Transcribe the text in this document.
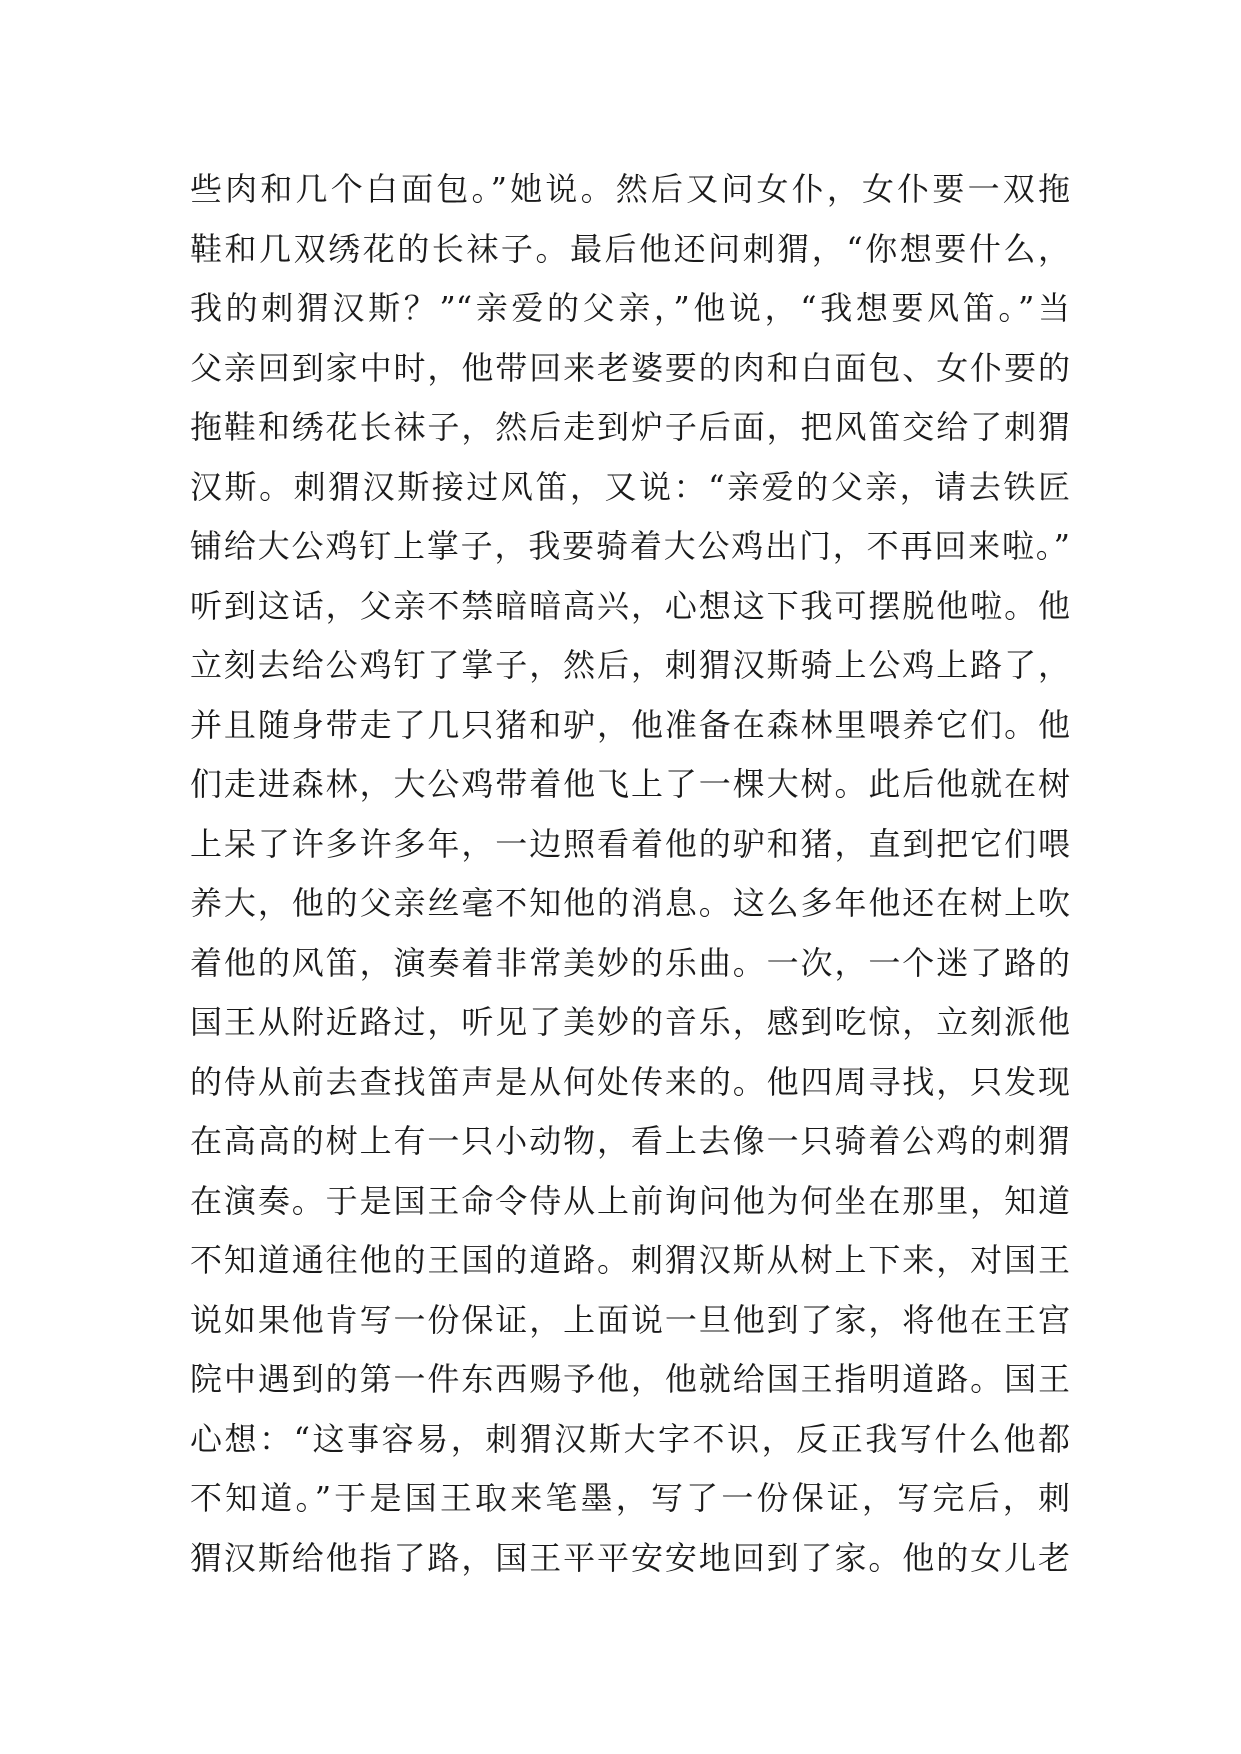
些肉和几个白面包。”她说。然后又问女仆，女仆要一双拖
鞋和几双绣花的长袜子。最后他还问刺猬，“你想要什么，
我的刺猬汉斯？”“亲爱的父亲，”他说，“我想要风笛。”当
父亲回到家中时，他带回来老婆要的肉和白面包、女仆要的
拖鞋和绣花长袜子，然后走到炉子后面，把风笛交给了刺猬
汉斯。刺猬汉斯接过风笛，又说：“亲爱的父亲，请去铁匠
铺给大公鸡钉上掌子，我要骑着大公鸡出门，不再回来啦。”
听到这话，父亲不禁暗暗高兴，心想这下我可摆脱他啦。他
立刻去给公鸡钉了掌子，然后，刺猬汉斯骑上公鸡上路了，
并且随身带走了几只猪和驴，他准备在森林里喂养它们。他
们走进森林，大公鸡带着他飞上了一棵大树。此后他就在树
上呆了许多许多年，一边照看着他的驴和猪，直到把它们喂
养大，他的父亲丝毫不知他的消息。这么多年他还在树上吹
着他的风笛，演奏着非常美妙的乐曲。一次，一个迷了路的
国王从附近路过，听见了美妙的音乐，感到吃惊，立刻派他
的侍从前去查找笛声是从何处传来的。他四周寻找，只发现
在高高的树上有一只小动物，看上去像一只骑着公鸡的刺猬
在演奏。于是国王命令侍从上前询问他为何坐在那里，知道
不知道通往他的王国的道路。刺猬汉斯从树上下来，对国王
说如果他肯写一份保证，上面说一旦他到了家，将他在王宫
院中遇到的第一件东西赐予他，他就给国王指明道路。国王
心想：“这事容易，刺猬汉斯大字不识，反正我写什么他都
不知道。”于是国王取来笔墨，写了一份保证，写完后，刺
猬汉斯给他指了路，国王平平安安地回到了家。他的女儿老
